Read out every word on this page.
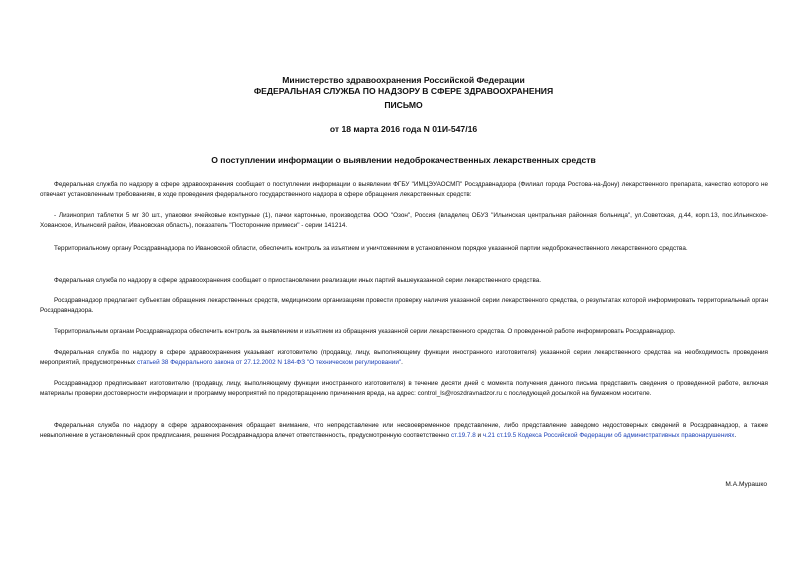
Министерство здравоохранения Российской Федерации
ФЕДЕРАЛЬНАЯ СЛУЖБА ПО НАДЗОРУ В СФЕРЕ ЗДРАВООХРАНЕНИЯ
ПИСЬМО
от 18 марта 2016 года N 01И-547/16
О поступлении информации о выявлении недоброкачественных лекарственных средств

Федеральная служба по надзору в сфере здравоохранения сообщает о поступлении информации о выявлении ФГБУ "ИМЦЭУАОСМП" Росздравнадзора (Филиал города Ростова-на-Дону) лекарственного препарата, качество которого не отвечает установленным требованиям, в ходе проведения федерального государственного надзора в сфере обращения лекарственных средств:

- Лизиноприл таблетки 5 мг 30 шт., упаковки ячейковые контурные (1), пачки картонные, производства ООО "Озон", Россия (владелец ОБУЗ "Ильинская центральная районная больница", ул.Советская, д.44, корп.13, пос.Ильинское-Хованское, Ильинский район, Ивановская область), показатель "Посторонние примеси" - серии 141214.

Территориальному органу Росздравнадзора по Ивановской области, обеспечить контроль за изъятием и уничтожением в установленном порядке указанной партии недоброкачественного лекарственного средства.

Федеральная служба по надзору в сфере здравоохранения сообщает о приостановлении реализации иных партий вышеуказанной серии лекарственного средства.

Росздравнадзор предлагает субъектам обращения лекарственных средств, медицинским организациям провести проверку наличия указанной серии лекарственного средства, о результатах которой информировать территориальный орган Росздравнадзора.

Территориальным органам Росздравнадзора обеспечить контроль за выявлением и изъятием из обращения указанной серии лекарственного средства. О проведенной работе информировать Росздравнадзор.

Федеральная служба по надзору в сфере здравоохранения указывает изготовителю (продавцу, лицу, выполняющему функции иностранного изготовителя) указанной серии лекарственного средства на необходимость проведения мероприятий, предусмотренных статьей 38 Федерального закона от 27.12.2002 N 184-ФЗ "О техническом регулировании".

Росздравнадзор предписывает изготовителю (продавцу, лицу, выполняющему функции иностранного изготовителя) в течение десяти дней с момента получения данного письма представить сведения о проведенной работе, включая материалы проверки достоверности информации и программу мероприятий по предотвращению причинения вреда, на адрес: control_ls@roszdravnadzor.ru с последующей досылкой на бумажном носителе.

Федеральная служба по надзору в сфере здравоохранения обращает внимание, что непредставление или несвоевременное представление, либо представление заведомо недостоверных сведений в Росздравнадзор, а также невыполнение в установленный срок предписания, решения Росздравнадзора влечет ответственность, предусмотренную соответственно ст.19.7.8 и ч.21 ст.19.5 Кодекса Российской Федерации об административных правонарушениях.

М.А.Мурашко
